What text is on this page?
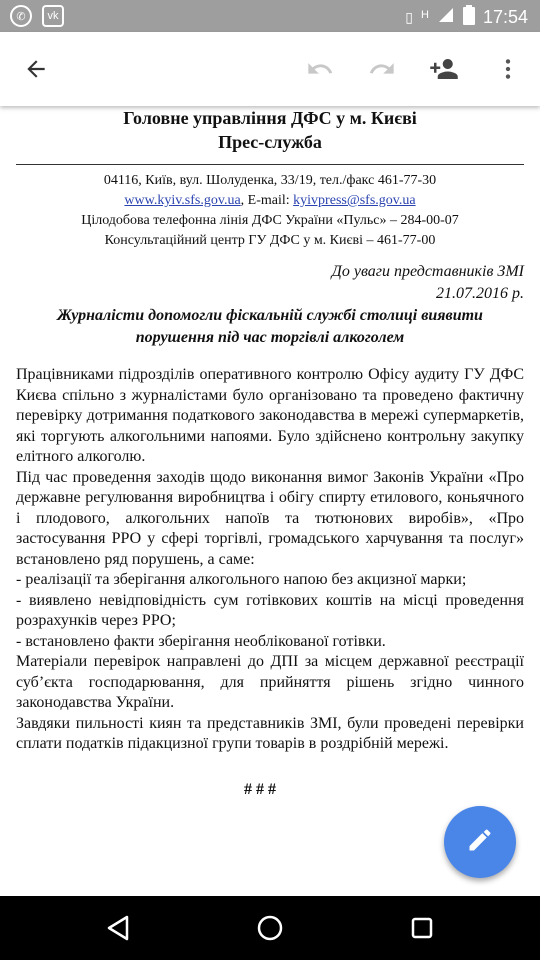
✆	vk	▯ H	17:54
Головне управління ДФС у м. Києві
Прес-служба
04116, Київ, вул. Шолуденка, 33/19, тел./факс 461-77-30
www.kyiv.sfs.gov.ua, E-mail: kyivpress@sfs.gov.ua
Цілодобова телефонна лінія ДФС України «Пульс» – 284-00-07
Консультаційний центр ГУ ДФС у м. Києві – 461-77-00
До уваги представників ЗМІ
21.07.2016 р.
Журналісти допомогли фіскальній службі столиці виявити
порушення під час торгівлі алкоголем

Працівниками підрозділів оперативного контролю Офісу аудиту ГУ ДФС Києва спільно з журналістами було організовано та проведено фактичну перевірку дотримання податкового законодавства в мережі супермаркетів, які торгують алкогольними напоями. Було здійснено контрольну закупку елітного алкоголю.

Під час проведення заходів щодо виконання вимог Законів України «Про державне регулювання виробництва і обігу спирту етилового, коньячного і плодового, алкогольних напоїв та тютюнових виробів», «Про застосування РРО у сфері торгівлі, громадського харчування та послуг» встановлено ряд порушень, а саме:

- реалізації та зберігання алкогольного напою без акцизної марки;

- виявлено невідповідність сум готівкових коштів на місці проведення розрахунків через РРО;

- встановлено факти зберігання необлікованої готівки.

Матеріали перевірок направлені до ДПІ за місцем державної реєстрації суб’єкта господарювання, для прийняття рішень згідно чинного законодавства України.

Завдяки пильності киян та представників ЗМІ, були проведені перевірки сплати податків підакцизної групи товарів в роздрібній мережі.

# # #
